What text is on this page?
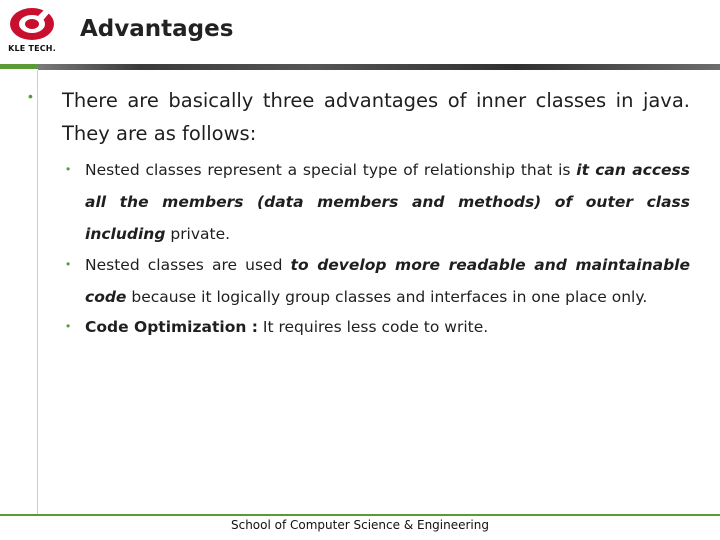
KLE TECH.
Advantages
• There are basically three advantages of inner classes in java. They are as follows:
• Nested classes represent a special type of relationship that is it can access all the members (data members and methods) of outer class including private.
• Nested classes are used to develop more readable and maintainable code because it logically group classes and interfaces in one place only.
• Code Optimization : It requires less code to write.
School of Computer Science & Engineering
